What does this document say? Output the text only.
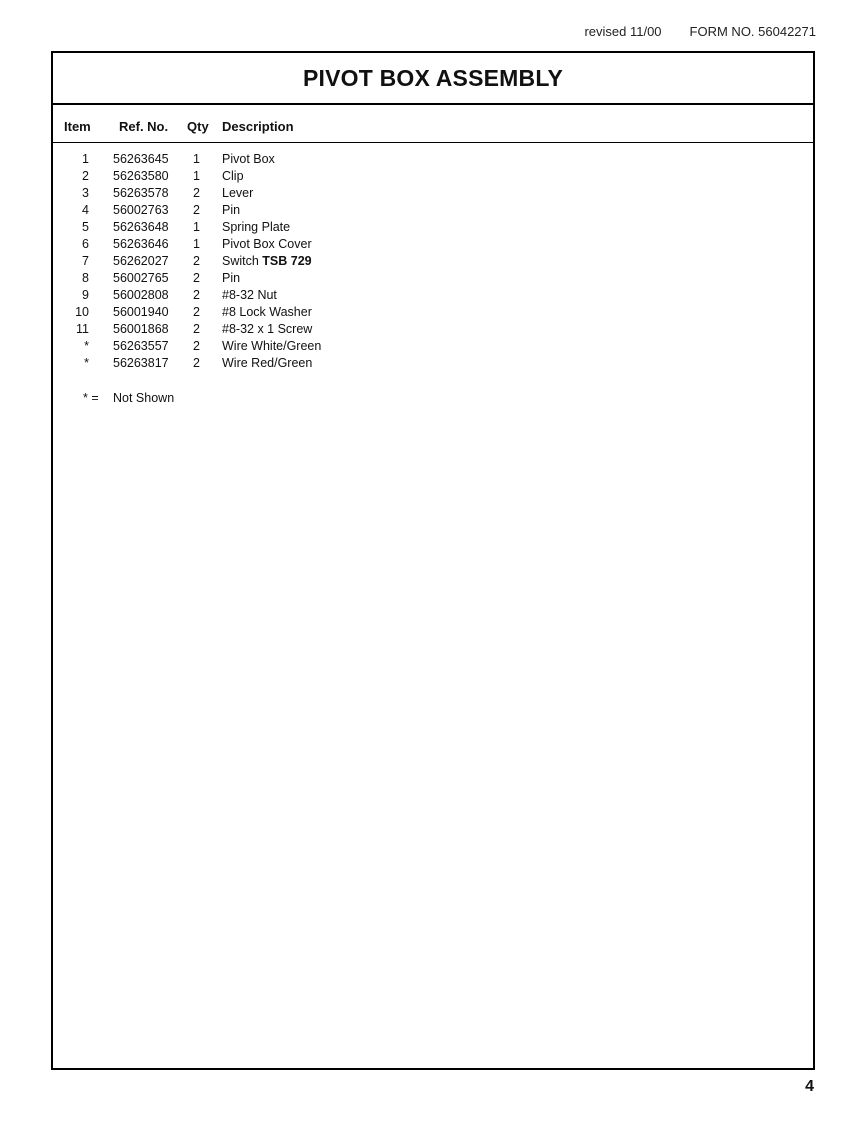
revised 11/00 FORM NO. 56042271
PIVOT BOX ASSEMBLY
Item Ref. No. Qty Description
1 56263645 1 Pivot Box
2 56263580 1 Clip
3 56263578 2 Lever
4 56002763 2 Pin
5 56263648 1 Spring Plate
6 56263646 1 Pivot Box Cover
7 56262027 2 Switch TSB 729
8 56002765 2 Pin
9 56002808 2 #8-32 Nut
10 56001940 2 #8 Lock Washer
11 56001868 2 #8-32 x 1 Screw
* 56263557 2 Wire White/Green
* 56263817 2 Wire Red/Green
* = Not Shown
4
